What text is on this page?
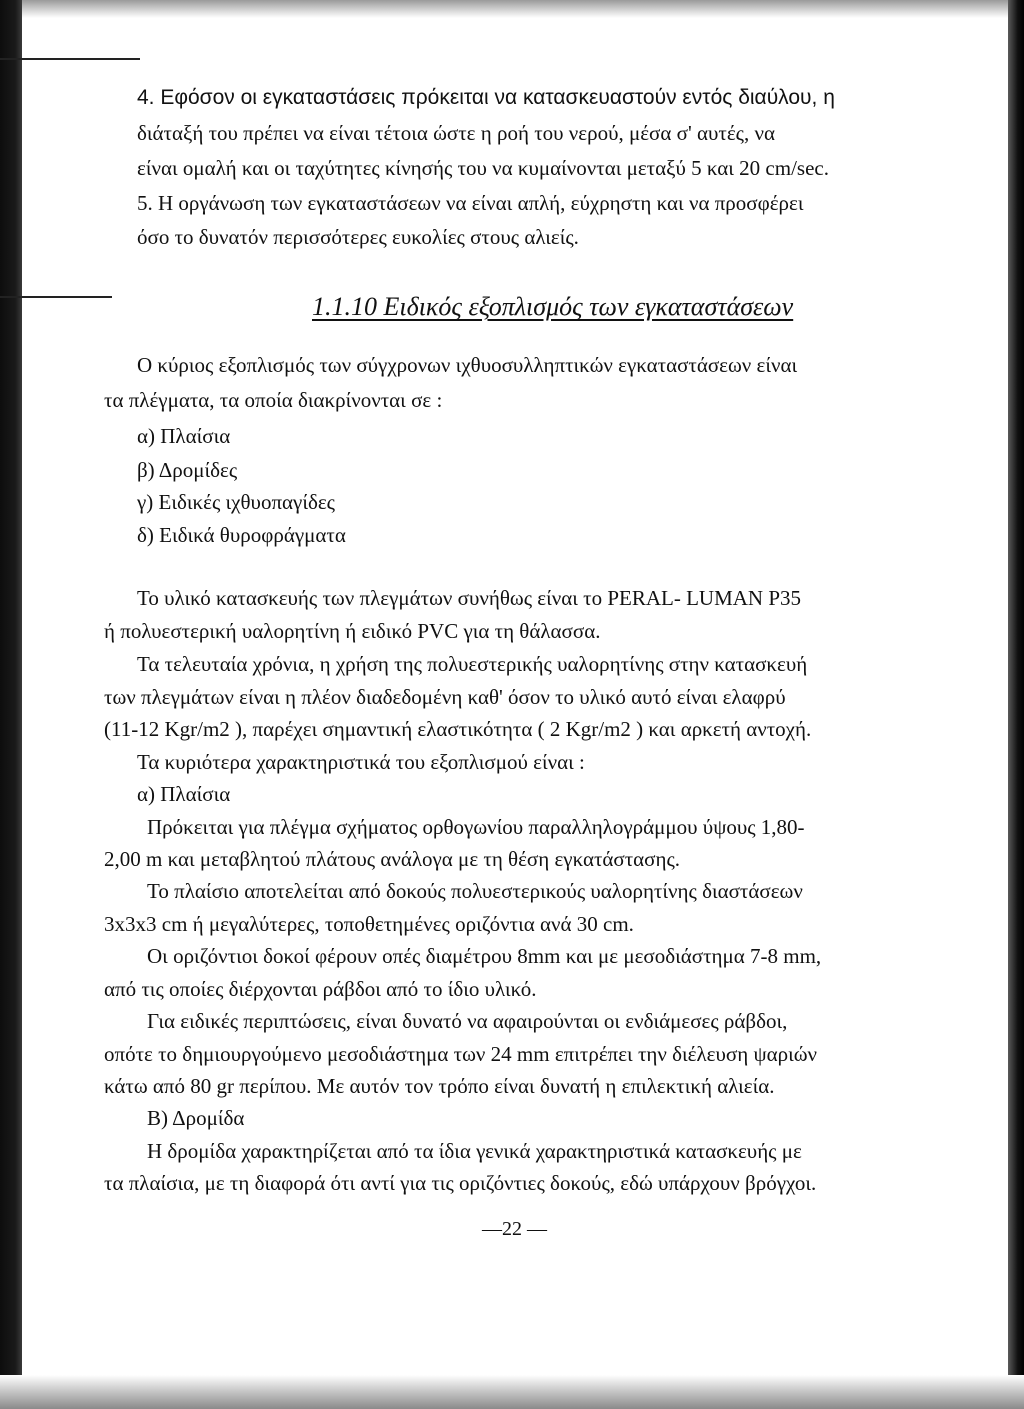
4. Εφόσον οι εγκαταστάσεις πρόκειται να κατασκευαστούν εντός διαύλου, η
διάταξή του πρέπει να είναι τέτοια ώστε η ροή του νερού, μέσα σ' αυτές, να
είναι ομαλή και οι ταχύτητες κίνησής του να κυμαίνονται μεταξύ 5 και 20 cm/sec.
5. Η οργάνωση των εγκαταστάσεων να είναι απλή, εύχρηστη και να προσφέρει
όσο το δυνατόν περισσότερες ευκολίες στους αλιείς.
1.1.10 Ειδικός εξοπλισμός των εγκαταστάσεων
Ο κύριος εξοπλισμός των σύγχρονων ιχθυοσυλληπτικών εγκαταστάσεων είναι
τα πλέγματα, τα οποία διακρίνονται σε :
α) Πλαίσια
β) Δρομίδες
γ) Ειδικές ιχθυοπαγίδες
δ) Ειδικά θυροφράγματα
Το υλικό κατασκευής των πλεγμάτων συνήθως είναι το PERAL- LUMAN P35
ή πολυεστερική υαλορητίνη ή ειδικό PVC για τη θάλασσα.
Τα τελευταία χρόνια, η χρήση της πολυεστερικής υαλορητίνης στην κατασκευή
των πλεγμάτων είναι η πλέον διαδεδομένη καθ' όσον το υλικό αυτό είναι ελαφρύ
(11-12 Kgr/m2 ), παρέχει σημαντική ελαστικότητα ( 2 Kgr/m2 ) και αρκετή αντοχή.
Τα κυριότερα χαρακτηριστικά του εξοπλισμού είναι :
α) Πλαίσια
Πρόκειται για πλέγμα σχήματος ορθογωνίου παραλληλογράμμου ύψους 1,80-
2,00 m και μεταβλητού πλάτους ανάλογα με τη θέση εγκατάστασης.
Το πλαίσιο αποτελείται από δοκούς πολυεστερικούς υαλορητίνης διαστάσεων
3x3x3 cm ή μεγαλύτερες, τοποθετημένες οριζόντια ανά 30 cm.
Οι οριζόντιοι δοκοί φέρουν οπές διαμέτρου 8mm και με μεσοδιάστημα 7-8 mm,
από τις οποίες διέρχονται ράβδοι από το ίδιο υλικό.
Για ειδικές περιπτώσεις, είναι δυνατό να αφαιρούνται οι ενδιάμεσες ράβδοι,
οπότε το δημιουργούμενο μεσοδιάστημα των 24 mm επιτρέπει την διέλευση ψαριών
κάτω από 80 gr περίπου. Με αυτόν τον τρόπο είναι δυνατή η επιλεκτική αλιεία.
Β) Δρομίδα
Η δρομίδα χαρακτηρίζεται από τα ίδια γενικά χαρακτηριστικά κατασκευής με
τα πλαίσια, με τη διαφορά ότι αντί για τις οριζόντιες δοκούς, εδώ υπάρχουν βρόγχοι.
—22 —
